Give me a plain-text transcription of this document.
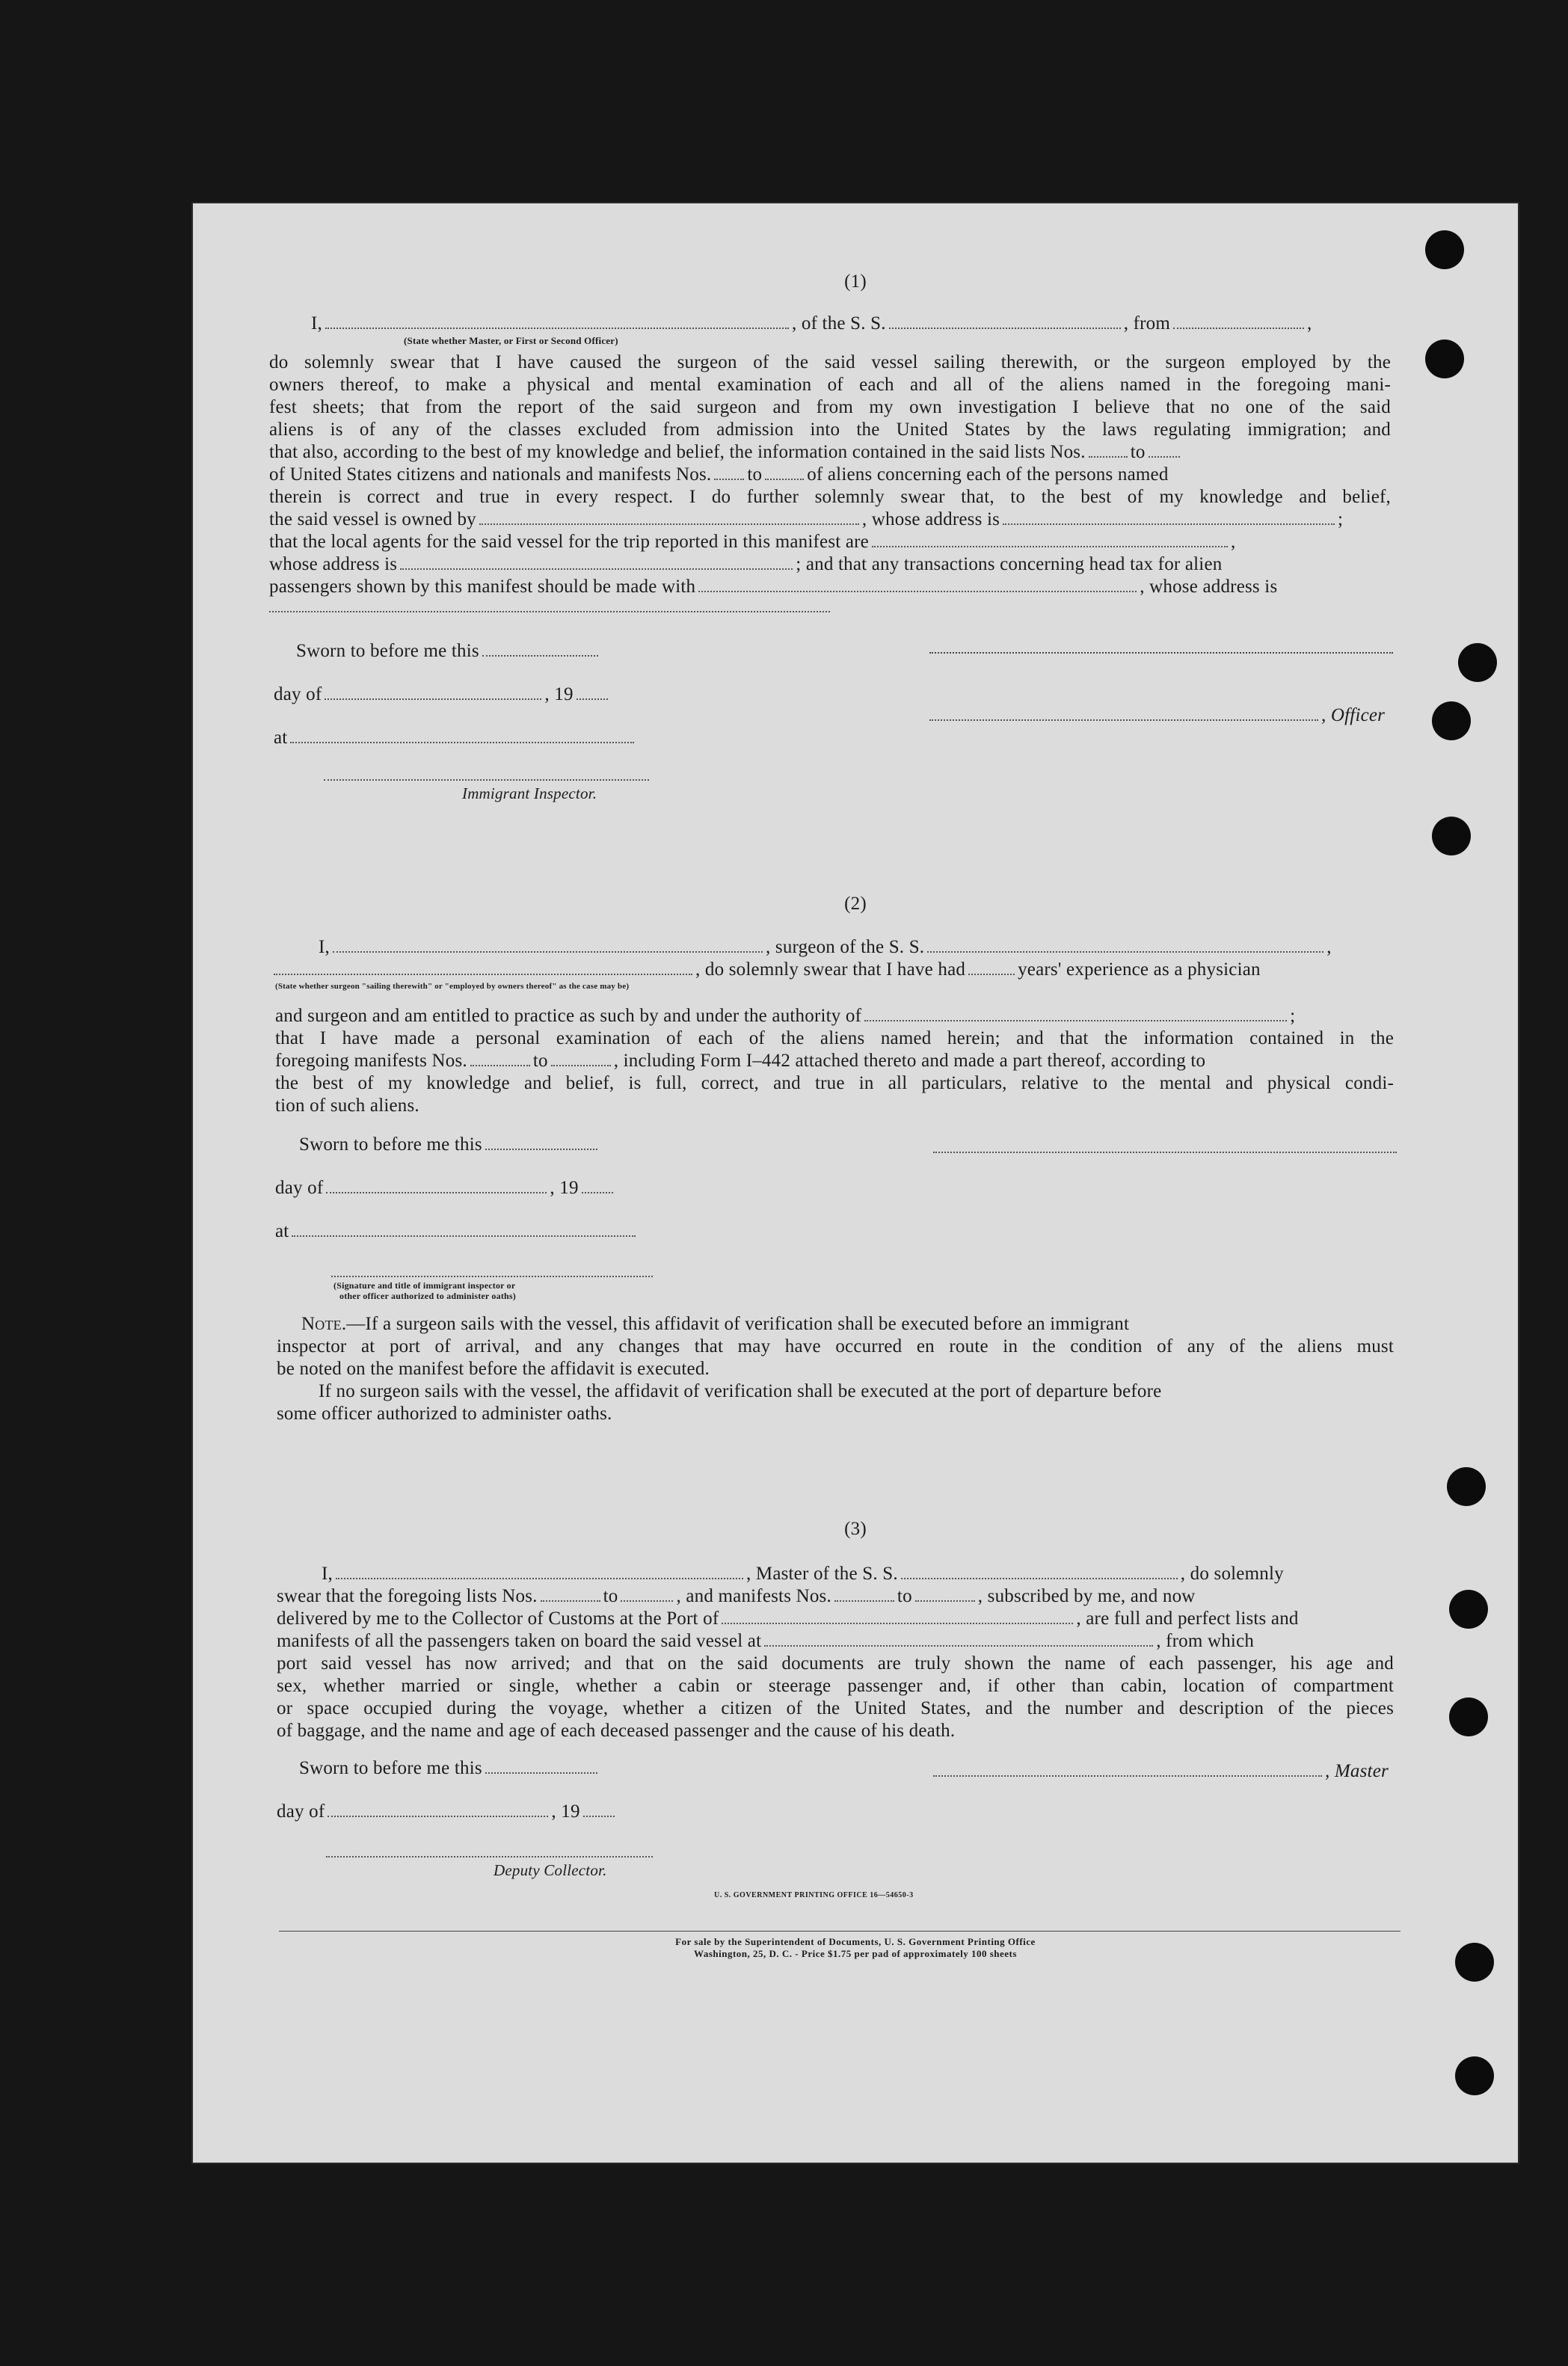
(1)
I,	, of the S. S.	, from	,
(State whether Master, or First or Second Officer)
do solemnly swear that I have caused the surgeon of the said vessel sailing therewith, or the surgeon employed by the
owners thereof, to make a physical and mental examination of each and all of the aliens named in the foregoing mani-
fest sheets; that from the report of the said surgeon and from my own investigation I believe that no one of the said
aliens is of any of the classes excluded from admission into the United States by the laws regulating immigration; and
that also, according to the best of my knowledge and belief, the information contained in the said lists Nos. to
of United States citizens and nationals and manifests Nos. to of aliens concerning each of the persons named
therein is correct and true in every respect. I do further solemnly swear that, to the best of my knowledge and belief,
the said vessel is owned by	, whose address is	;
that the local agents for the said vessel for the trip reported in this manifest are	,
whose address is	; and that any transactions concerning head tax for alien
passengers shown by this manifest should be made with	, whose address is
Sworn to before me this
day of	, 19
, Officer
at
Immigrant Inspector.
(2)
I,	, surgeon of the S. S.	,
, do solemnly swear that I have had	years' experience as a physician
(State whether surgeon "sailing therewith" or "employed by owners thereof" as the case may be)
and surgeon and am entitled to practice as such by and under the authority of	;
that I have made a personal examination of each of the aliens named herein; and that the information contained in the
foregoing manifests Nos.	to	, including Form I–442 attached thereto and made a part thereof, according to
the best of my knowledge and belief, is full, correct, and true in all particulars, relative to the mental and physical condi-
tion of such aliens.
Sworn to before me this
day of	, 19
at
(Signature and title of immigrant inspector or
other officer authorized to administer oaths)
Note.—If a surgeon sails with the vessel, this affidavit of verification shall be executed before an immigrant
inspector at port of arrival, and any changes that may have occurred en route in the condition of any of the aliens must
be noted on the manifest before the affidavit is executed.
If no surgeon sails with the vessel, the affidavit of verification shall be executed at the port of departure before
some officer authorized to administer oaths.
(3)
I,	, Master of the S. S.	, do solemnly
swear that the foregoing lists Nos.	to	, and manifests Nos.	to	, subscribed by me, and now
delivered by me to the Collector of Customs at the Port of	, are full and perfect lists and
manifests of all the passengers taken on board the said vessel at	, from which
port said vessel has now arrived; and that on the said documents are truly shown the name of each passenger, his age and
sex, whether married or single, whether a cabin or steerage passenger and, if other than cabin, location of compartment
or space occupied during the voyage, whether a citizen of the United States, and the number and description of the pieces
of baggage, and the name and age of each deceased passenger and the cause of his death.
Sworn to before me this	, Master
day of	, 19
Deputy Collector.
U. S. GOVERNMENT PRINTING OFFICE 16—54650-3
For sale by the Superintendent of Documents, U. S. Government Printing Office
Washington, 25, D. C. - Price $1.75 per pad of approximately 100 sheets
